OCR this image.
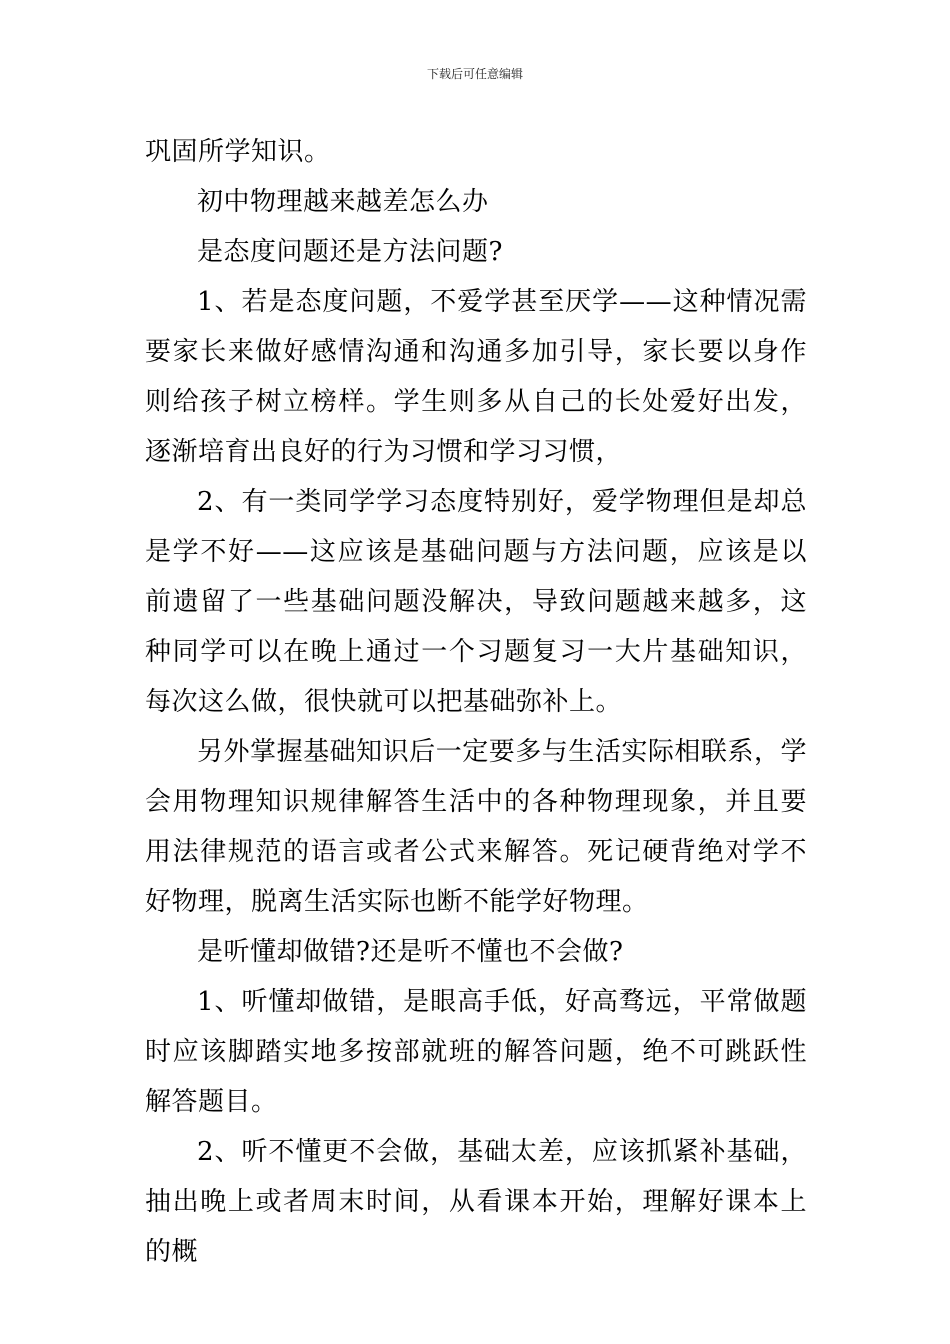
下载后可任意编辑

巩固所学知识。

初中物理越来越差怎么办

是态度问题还是方法问题?

1、若是态度问题，不爱学甚至厌学——这种情况需要家长来做好感情沟通和沟通多加引导，家长要以身作则给孩子树立榜样。学生则多从自己的长处爱好出发，逐渐培育出良好的行为习惯和学习习惯，

2、有一类同学学习态度特别好，爱学物理但是却总是学不好——这应该是基础问题与方法问题，应该是以前遗留了一些基础问题没解决，导致问题越来越多，这种同学可以在晚上通过一个习题复习一大片基础知识，每次这么做，很快就可以把基础弥补上。

另外掌握基础知识后一定要多与生活实际相联系，学会用物理知识规律解答生活中的各种物理现象，并且要用法律规范的语言或者公式来解答。死记硬背绝对学不好物理，脱离生活实际也断不能学好物理。

是听懂却做错?还是听不懂也不会做?

1、听懂却做错，是眼高手低，好高骛远，平常做题时应该脚踏实地多按部就班的解答问题，绝不可跳跃性解答题目。

2、听不懂更不会做，基础太差，应该抓紧补基础，抽出晚上或者周末时间，从看课本开始，理解好课本上的概
